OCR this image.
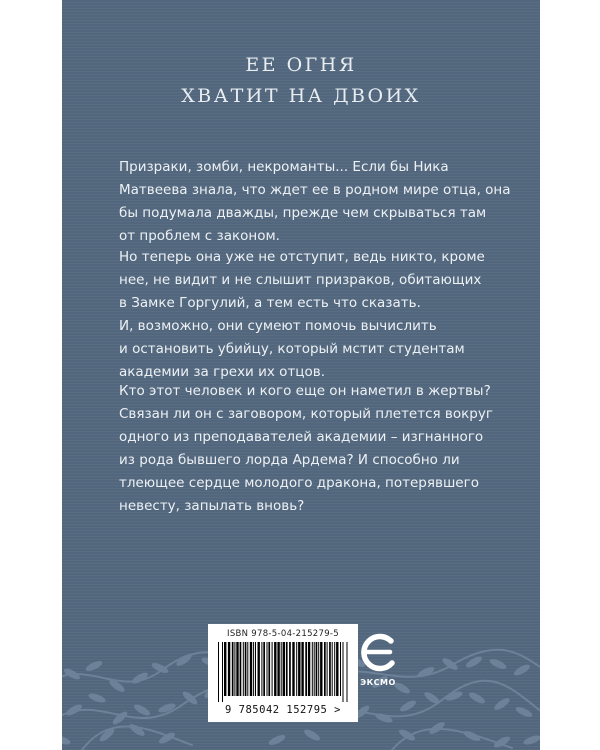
ЕЕ ОГНЯ
ХВАТИТ НА ДВОИХ

Призраки, зомби, некроманты... Если бы Ника
Матвеева знала, что ждет ее в родном мире отца, она
бы подумала дважды, прежде чем скрываться там
от проблем с законом.

Но теперь она уже не отступит, ведь никто, кроме
нее, не видит и не слышит призраков, обитающих
в Замке Горгулий, а тем есть что сказать.
И, возможно, они сумеют помочь вычислить
и остановить убийцу, который мстит студентам
академии за грехи их отцов.

Кто этот человек и кого еще он наметил в жертвы?
Связан ли он с заговором, который плетется вокруг
одного из преподавателей академии – изгнанного
из рода бывшего лорда Ардема? И способно ли
тлеющее сердце молодого дракона, потерявшего
невесту, запылать вновь?

ISBN 978-5-04-215279-5
9 785042 152795 >
ЭКСМО
